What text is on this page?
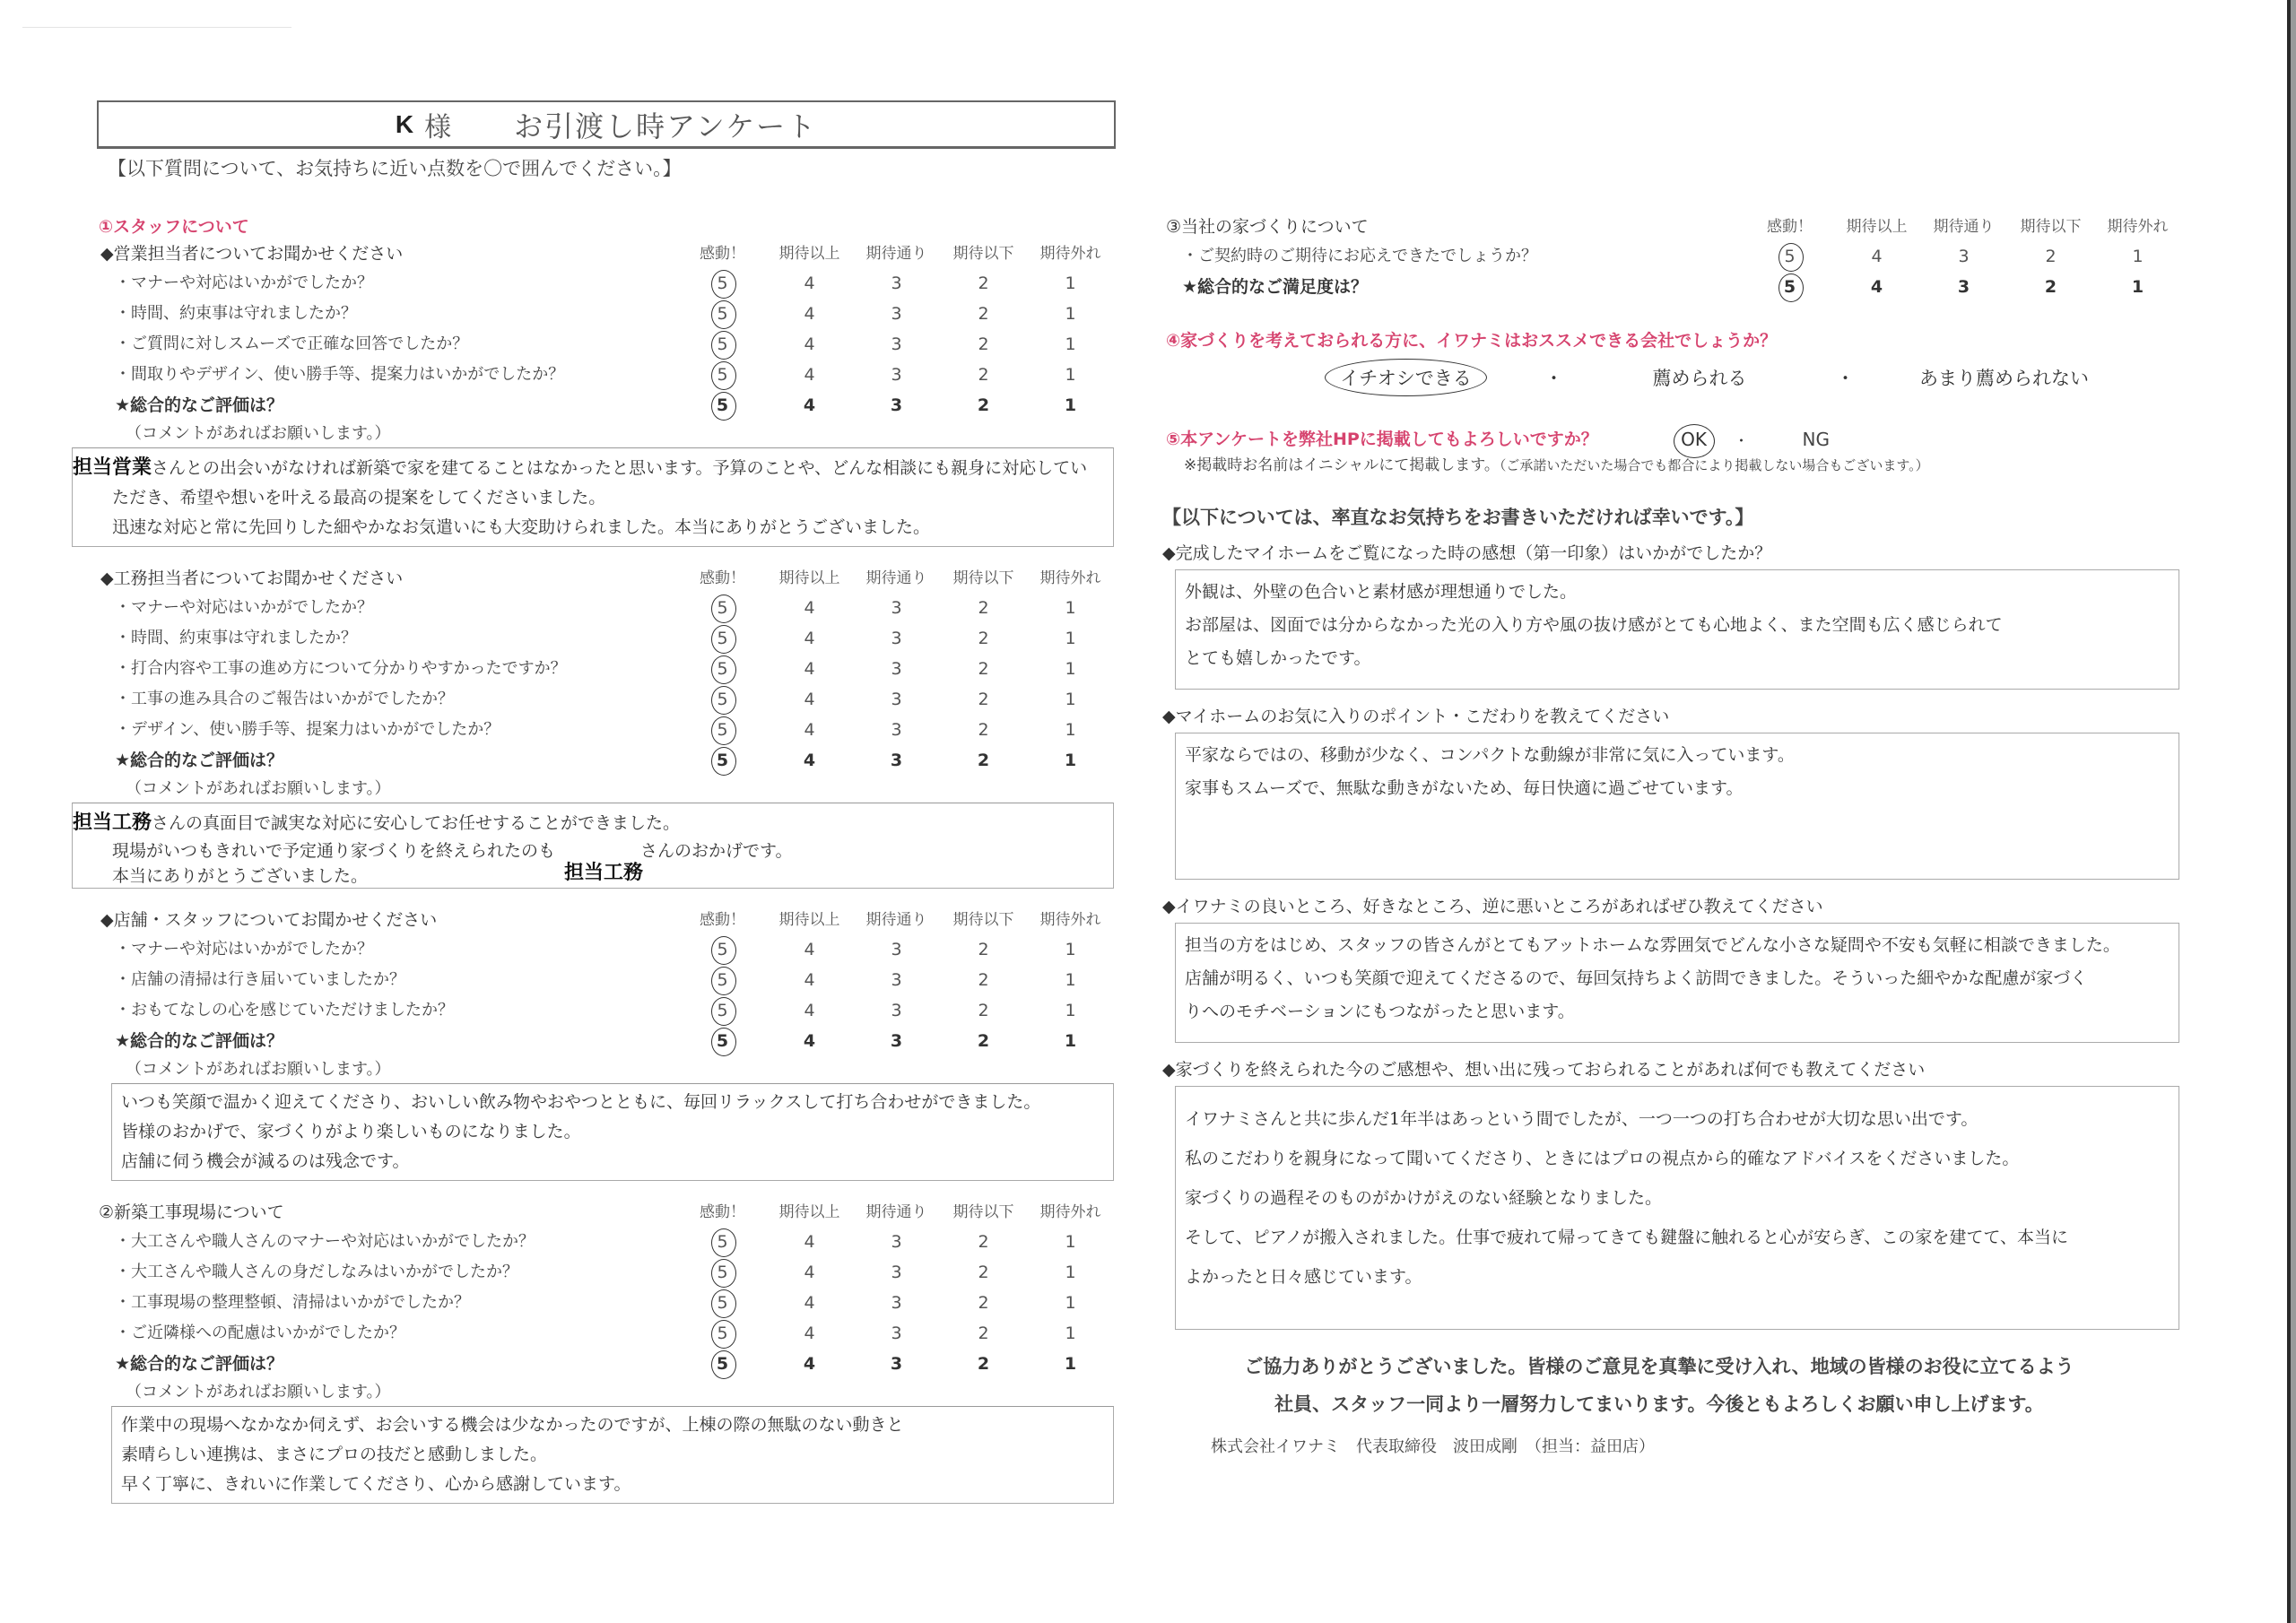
K 様 お引渡し時アンケート
【以下質問について、お気持ちに近い点数を〇で囲んでください。】
①スタッフについて
◆営業担当者についてお聞かせください	感動！	期待以上	期待通り	期待以下	期待外れ
・マナーや対応はいかがでしたか？	5	4	3	2	1
・時間、約束事は守れましたか？	5	4	3	2	1
・ご質問に対しスムーズで正確な回答でしたか？	5	4	3	2	1
・間取りやデザイン、使い勝手等、提案力はいかがでしたか？	5	4	3	2	1
★総合的なご評価は？	5	4	3	2	1
（コメントがあればお願いします。）

担当営業さんとの出会いがなければ新築で家を建てることはなかったと思います。予算のことや、どんな相談にも親身に対応してい

ただき、希望や想いを叶える最高の提案をしてくださいました。

迅速な対応と常に先回りした細やかなお気遣いにも大変助けられました。本当にありがとうございました。

◆工務担当者についてお聞かせください	感動！	期待以上	期待通り	期待以下	期待外れ
・マナーや対応はいかがでしたか？	5	4	3	2	1
・時間、約束事は守れましたか？	5	4	3	2	1
・打合内容や工事の進め方について分かりやすかったですか？	5	4	3	2	1
・工事の進み具合のご報告はいかがでしたか？	5	4	3	2	1
・デザイン、使い勝手等、提案力はいかがでしたか？	5	4	3	2	1
★総合的なご評価は？	5	4	3	2	1
（コメントがあればお願いします。）

担当工務さんの真面目で誠実な対応に安心してお任せすることができました。

現場がいつもきれいで予定通り家づくりを終えられたのも　　　　　さんのおかげです。

本当にありがとうございました。	担当工務
◆店舗・スタッフについてお聞かせください	感動！	期待以上	期待通り	期待以下	期待外れ
・マナーや対応はいかがでしたか？	5	4	3	2	1
・店舗の清掃は行き届いていましたか？	5	4	3	2	1
・おもてなしの心を感じていただけましたか？	5	4	3	2	1
★総合的なご評価は？	5	4	3	2	1
（コメントがあればお願いします。）

いつも笑顔で温かく迎えてくださり、おいしい飲み物やおやつとともに、毎回リラックスして打ち合わせができました。

皆様のおかげで、家づくりがより楽しいものになりました。

店舗に伺う機会が減るのは残念です。

②新築工事現場について	感動！	期待以上	期待通り	期待以下	期待外れ
・大工さんや職人さんのマナーや対応はいかがでしたか？	5	4	3	2	1
・大工さんや職人さんの身だしなみはいかがでしたか？	5	4	3	2	1
・工事現場の整理整頓、清掃はいかがでしたか？	5	4	3	2	1
・ご近隣様への配慮はいかがでしたか？	5	4	3	2	1
★総合的なご評価は？	5	4	3	2	1
（コメントがあればお願いします。）

作業中の現場へなかなか伺えず、お会いする機会は少なかったのですが、上棟の際の無駄のない動きと

素晴らしい連携は、まさにプロの技だと感動しました。

早く丁寧に、きれいに作業してくださり、心から感謝しています。

③当社の家づくりについて	感動！	期待以上	期待通り	期待以下	期待外れ
・ご契約時のご期待にお応えできたでしょうか？	5	4	3	2	1
★総合的なご満足度は？	5	4	3	2	1
④家づくりを考えておられる方に、イワナミはおススメできる会社でしょうか？
イチオシできる	・	薦められる	・	あまり薦められない
⑤本アンケートを弊社HPに掲載してもよろしいですか？	OK	・	NG
※掲載時お名前はイニシャルにて掲載します。（ご承諾いただいた場合でも都合により掲載しない場合もございます。）
【以下については、率直なお気持ちをお書きいただければ幸いです。】
◆完成したマイホームをご覧になった時の感想（第一印象）はいかがでしたか？

外観は、外壁の色合いと素材感が理想通りでした。

お部屋は、図面では分からなかった光の入り方や風の抜け感がとても心地よく、また空間も広く感じられて

とても嬉しかったです。

◆マイホームのお気に入りのポイント・こだわりを教えてください

平家ならではの、移動が少なく、コンパクトな動線が非常に気に入っています。

家事もスムーズで、無駄な動きがないため、毎日快適に過ごせています。

◆イワナミの良いところ、好きなところ、逆に悪いところがあればぜひ教えてください

担当の方をはじめ、スタッフの皆さんがとてもアットホームな雰囲気でどんな小さな疑問や不安も気軽に相談できました。

店舗が明るく、いつも笑顔で迎えてくださるので、毎回気持ちよく訪問できました。そういった細やかな配慮が家づく

りへのモチベーションにもつながったと思います。

◆家づくりを終えられた今のご感想や、想い出に残っておられることがあれば何でも教えてください

イワナミさんと共に歩んだ1年半はあっという間でしたが、一つ一つの打ち合わせが大切な思い出です。

私のこだわりを親身になって聞いてくださり、ときにはプロの視点から的確なアドバイスをくださいました。

家づくりの過程そのものがかけがえのない経験となりました。

そして、ピアノが搬入されました。仕事で疲れて帰ってきても鍵盤に触れると心が安らぎ、この家を建てて、本当に

よかったと日々感じています。

ご協力ありがとうございました。皆様のご意見を真摯に受け入れ、地域の皆様のお役に立てるよう
社員、スタッフ一同より一層努力してまいります。今後ともよろしくお願い申し上げます。
株式会社イワナミ　代表取締役　波田成剛　（担当：益田店）
